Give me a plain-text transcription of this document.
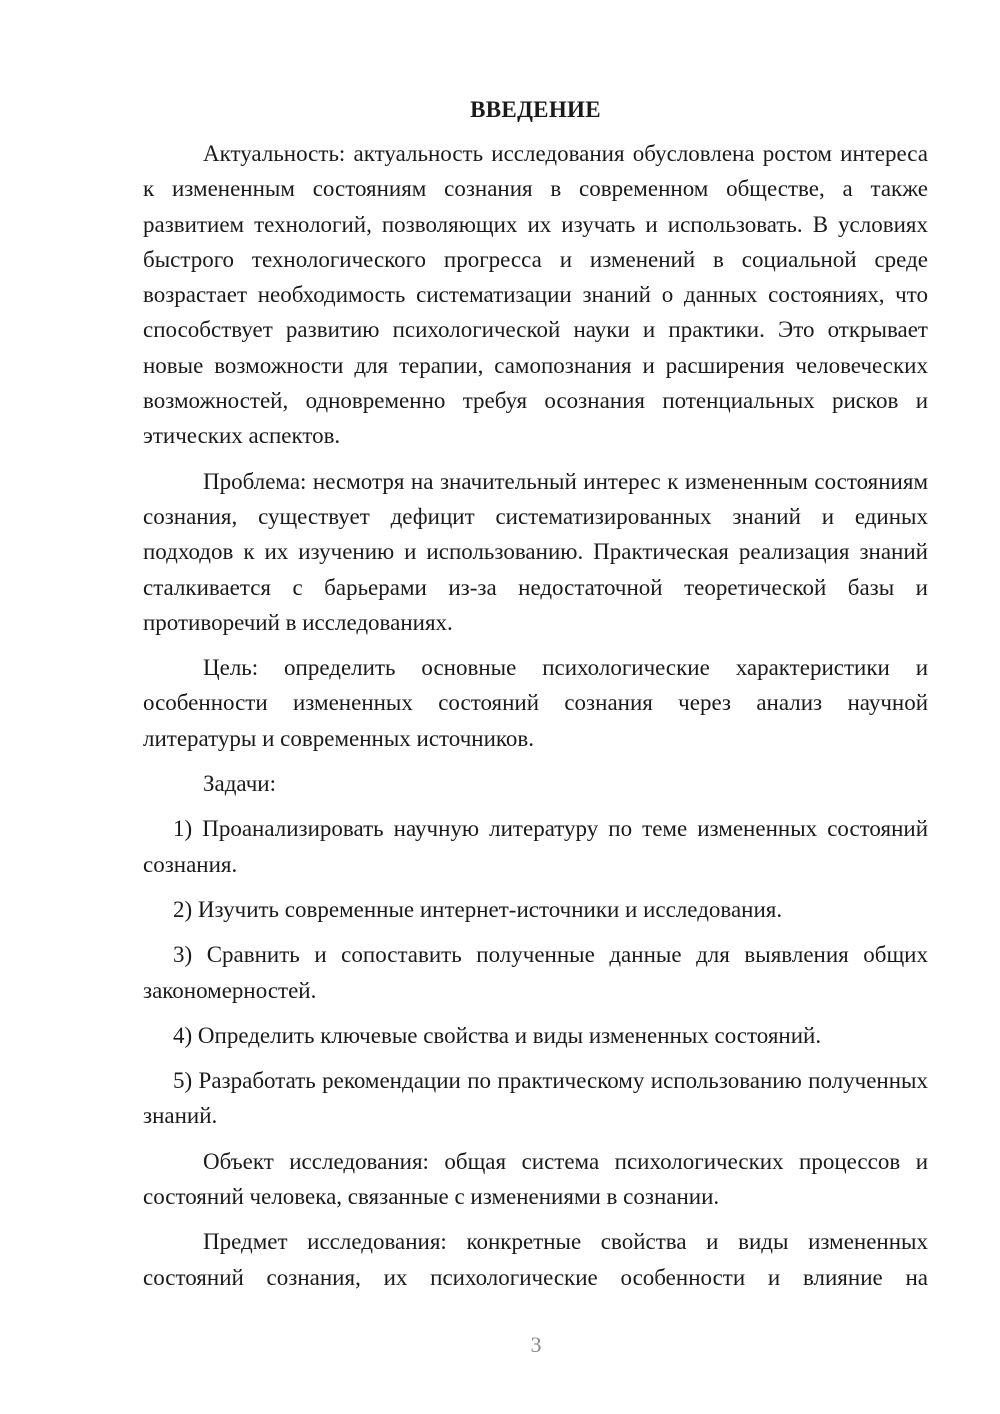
ВВЕДЕНИЕ

Актуальность: актуальность исследования обусловлена ростом интереса к измененным состояниям сознания в современном обществе, а также развитием технологий, позволяющих их изучать и использовать. В условиях быстрого технологического прогресса и изменений в социальной среде возрастает необходимость систематизации знаний о данных состояниях, что способствует развитию психологической науки и практики. Это открывает новые возможности для терапии, самопознания и расширения человеческих возможностей, одновременно требуя осознания потенциальных рисков и этических аспектов.

Проблема: несмотря на значительный интерес к измененным состояниям сознания, существует дефицит систематизированных знаний и единых подходов к их изучению и использованию. Практическая реализация знаний сталкивается с барьерами из-за недостаточной теоретической базы и противоречий в исследованиях.

Цель: определить основные психологические характеристики и особенности измененных состояний сознания через анализ научной литературы и современных источников.

Задачи:

1) Проанализировать научную литературу по теме измененных состояний сознания.

2) Изучить современные интернет-источники и исследования.

3) Сравнить и сопоставить полученные данные для выявления общих закономерностей.

4) Определить ключевые свойства и виды измененных состояний.

5) Разработать рекомендации по практическому использованию полученных знаний.

Объект исследования: общая система психологических процессов и состояний человека, связанные с изменениями в сознании.

Предмет исследования: конкретные свойства и виды измененных состояний сознания, их психологические особенности и влияние на

3
